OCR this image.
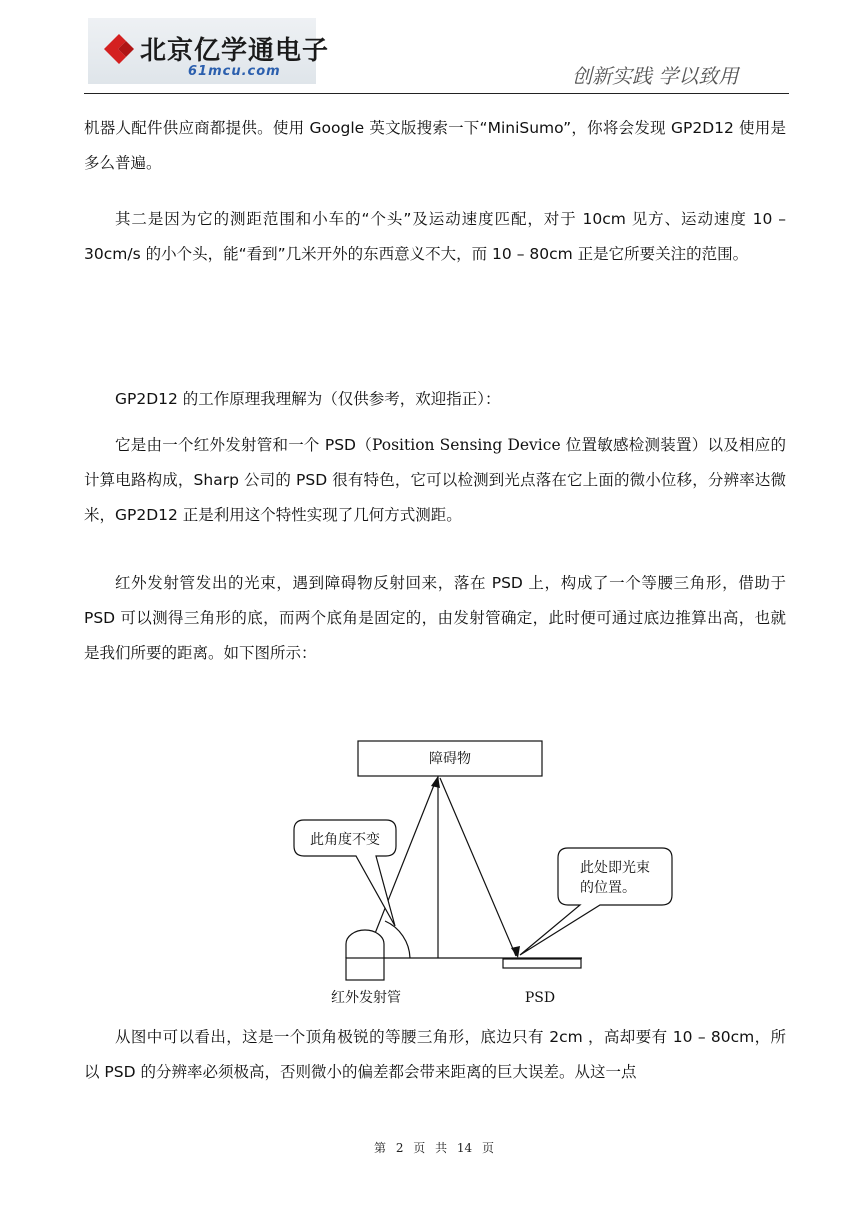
北京亿学通电子
61mcu.com	创新实践 学以致用

机器人配件供应商都提供。使用 Google 英文版搜索一下“MiniSumo”，你将会发现 GP2D12 使用是多么普遍。

其二是因为它的测距范围和小车的“个头”及运动速度匹配，对于 10cm 见方、运动速度 10 – 30cm/s 的小个头，能“看到”几米开外的东西意义不大，而 10 – 80cm 正是它所要关注的范围。

GP2D12 的工作原理我理解为（仅供参考，欢迎指正）：

它是由一个红外发射管和一个 PSD（Position Sensing Device 位置敏感检测装置）以及相应的计算电路构成，Sharp 公司的 PSD 很有特色，它可以检测到光点落在它上面的微小位移，分辨率达微米，GP2D12 正是利用这个特性实现了几何方式测距。

红外发射管发出的光束，遇到障碍物反射回来，落在 PSD 上，构成了一个等腰三角形，借助于 PSD 可以测得三角形的底，而两个底角是固定的，由发射管确定，此时便可通过底边推算出高，也就是我们所要的距离。如下图所示：

障碍物
此角度不变
此处即光束
的位置。
红外发射管	PSD

从图中可以看出，这是一个顶角极锐的等腰三角形，底边只有 2cm ，高却要有 10 – 80cm，所以 PSD 的分辨率必须极高，否则微小的偏差都会带来距离的巨大误差。从这一点

第 2 页 共 14 页
